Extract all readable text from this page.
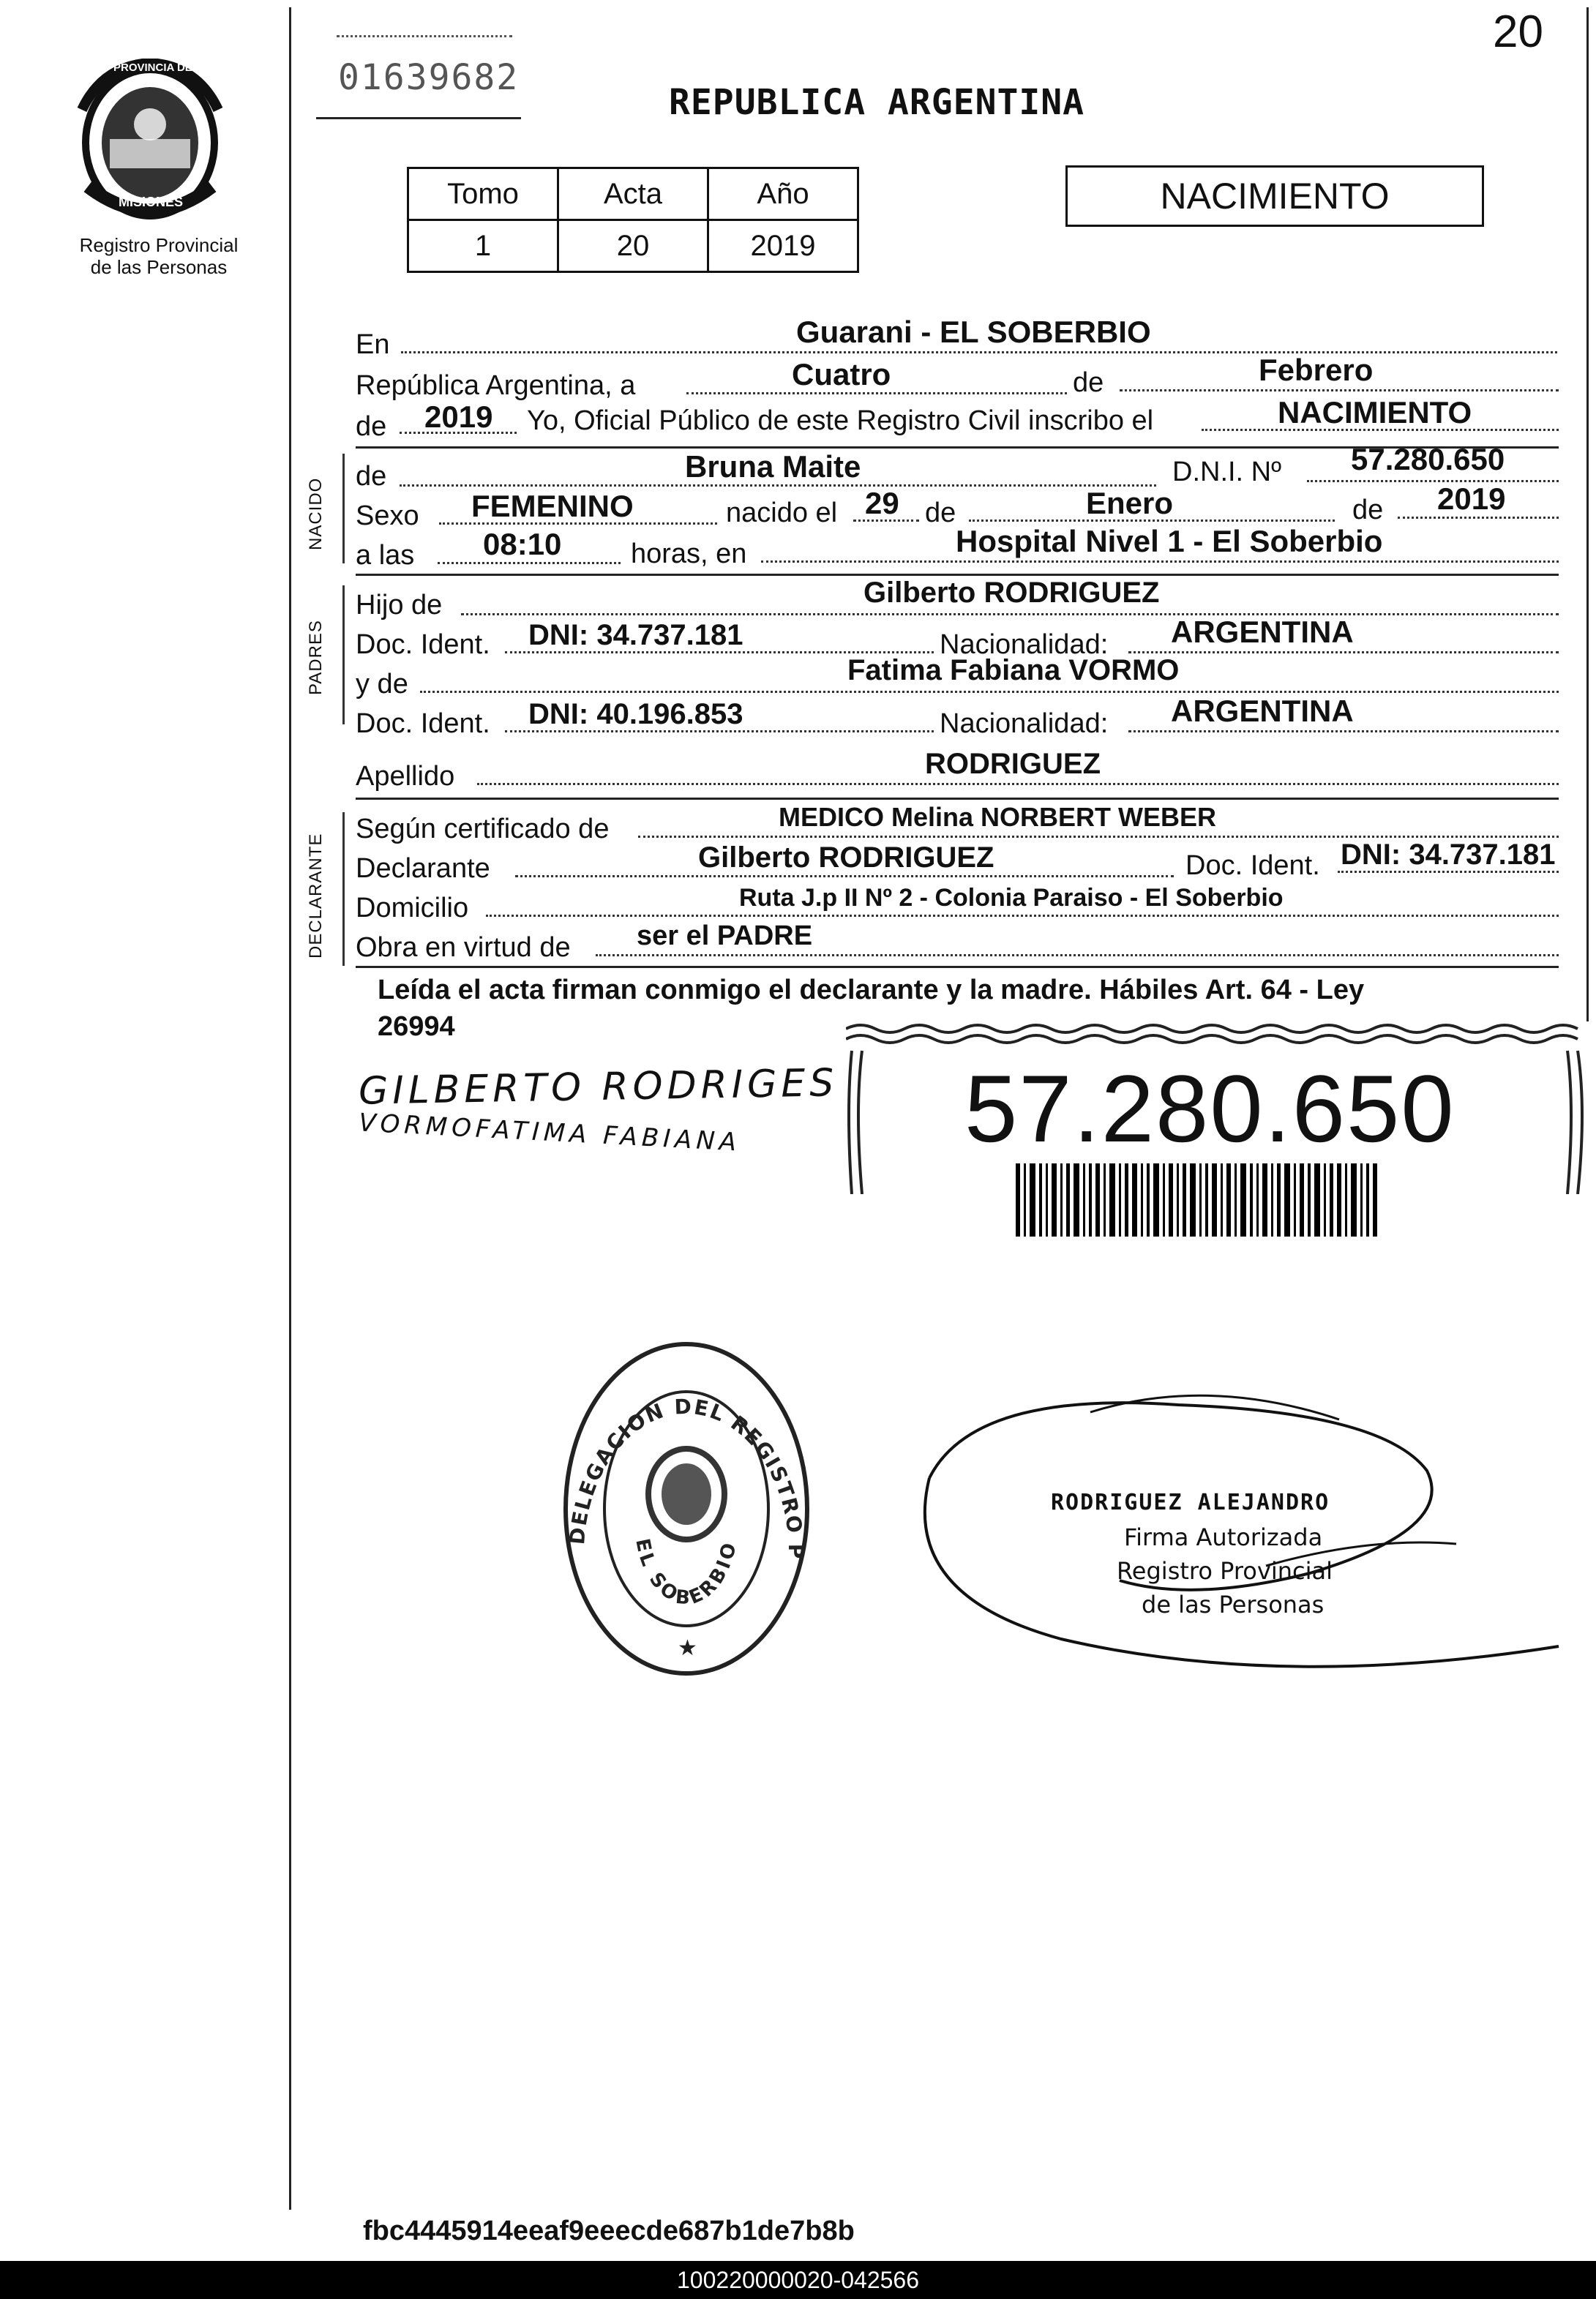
20
PROVINCIA DE
MISIONES
Registro Provincial
de las Personas
01639682
REPUBLICA ARGENTINA
Tomo	Acta	Año
1	20	2019
NACIMIENTO
En	Guarani - EL SOBERBIO
República Argentina, a	Cuatro	de	Febrero
de 2019 Yo, Oficial Público de este Registro Civil inscribo el	NACIMIENTO
NACIDO
de	Bruna Maite	D.N.I. Nº 57.280.650
Sexo FEMENINO	nacido el 29 de	Enero	de 2019
a las 08:10 horas, en	Hospital Nivel 1 - El Soberbio
PADRES
Hijo de	Gilberto RODRIGUEZ
Doc. Ident. DNI: 34.737.181	Nacionalidad: ARGENTINA
y de	Fatima Fabiana VORMO
Doc. Ident. DNI: 40.196.853	Nacionalidad: ARGENTINA
Apellido	RODRIGUEZ
DECLARANTE
Según certificado de	MEDICO Melina NORBERT WEBER
Declarante	Gilberto RODRIGUEZ	Doc. Ident. DNI: 34.737.181
Domicilio	Ruta J.p II Nº 2 - Colonia Paraiso - El Soberbio
Obra en virtud de ser el PADRE
Leída el acta firman conmigo el declarante y la madre. Hábiles Art. 64 - Ley
26994
GILBERTO RODRIGES
VORMOFATIMA FABIANA 57.280.650
DELEGACION DEL REGISTRO P
EL SOBERBIO
★
RODRIGUEZ ALEJANDRO
Firma Autorizada
Registro Provincial
de las Personas
fbc4445914eeaf9eeecde687b1de7b8b
100220000020-042566
